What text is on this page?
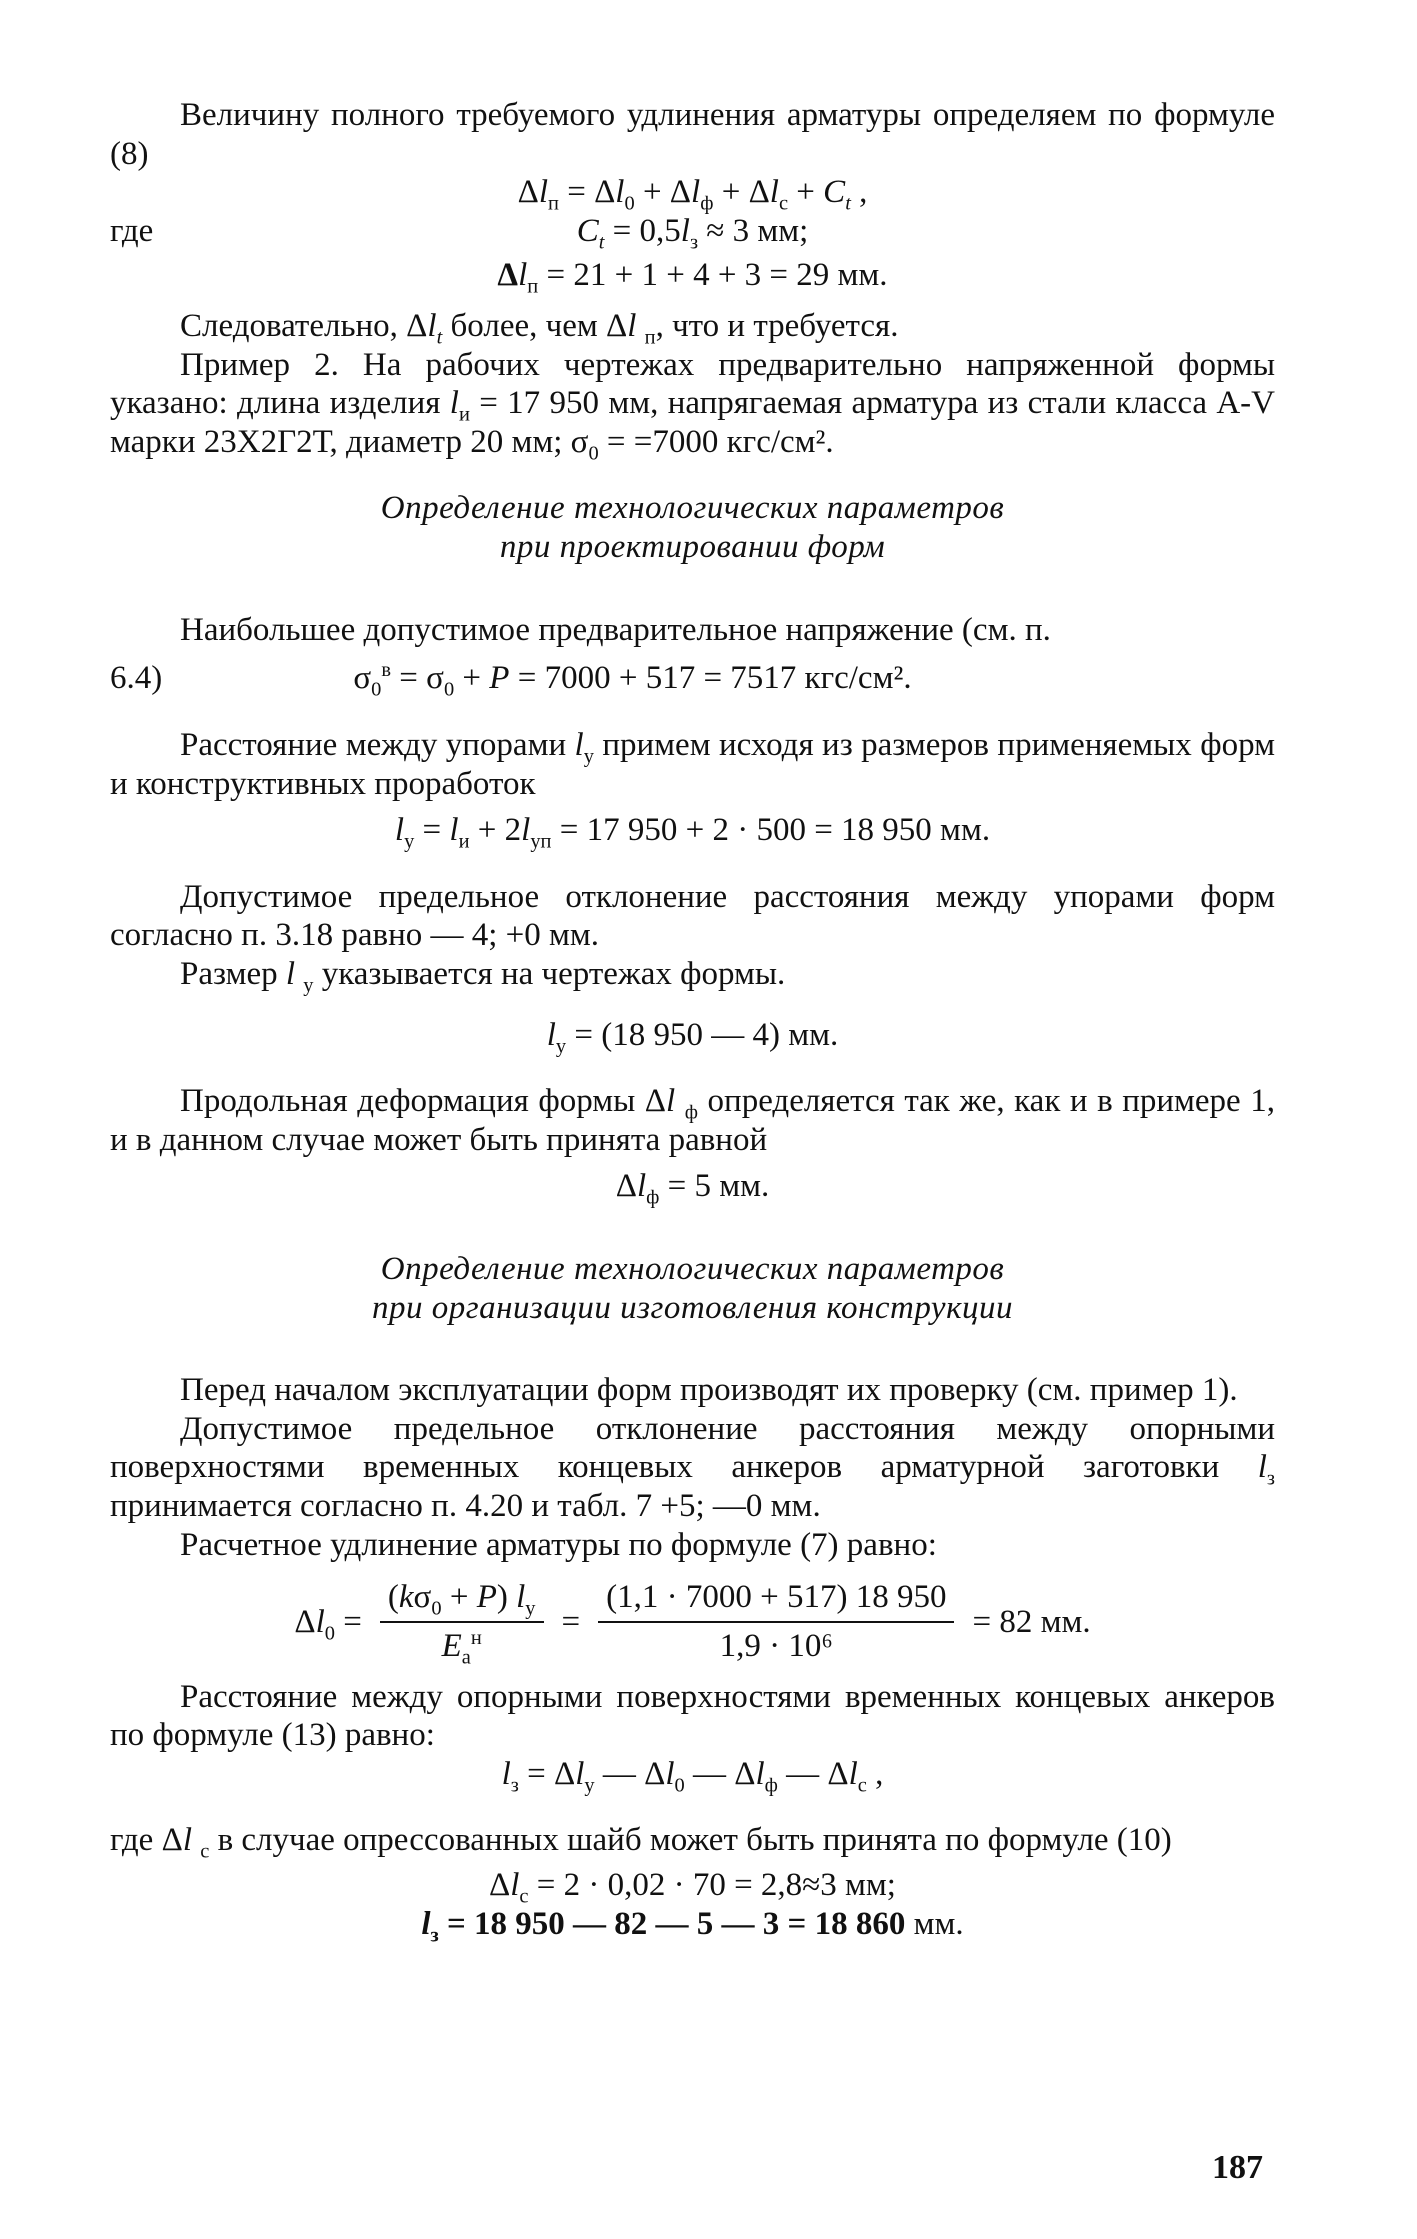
Величину полного требуемого удлинения арматуры определяем по формуле (8)

$\Delta l_п = \Delta l_0 + \Delta l_ф + \Delta l_с + C_t$ ,

где	$C_t = 0,5l_з \approx 3$ мм;

$\Delta l_п = 21 + 1 + 4 + 3 = 29$ мм.

Следовательно, $\Delta l_t$ более, чем Δl $_п$, что и требуется.

Пример 2. На рабочих чертежах предварительно напряженной формы указано: длина изделия $l_и = 17$ 950 мм, напрягаемая арматура из стали класса A-V марки 23Х2Г2Т, диаметр 20 мм; $\sigma_0 = =7000$ кгс/см².

Определение технологических параметров
при проектировании форм

Наибольшее допустимое предварительное напряжение (см. п.

6.4)	$\sigma_0^в = \sigma_0 + P = 7000 + 517 = 7517$ кгс/см².

Расстояние между упорами $l_у$ примем исходя из размеров применяемых форм и конструктивных проработок

$l_у = l_и + 2l_{уп} = 17$ 950 + 2 · 500 = 18 950 мм.

Допустимое предельное отклонение расстояния между упорами форм согласно п. 3.18 равно — 4; +0 мм.

Размер l $_у$ указывается на чертежах формы.

$l_у = (18$ 950 — 4) мм.

Продольная деформация формы Δl $_ф$ определяется так же, как и в примере 1, и в данном случае может быть принята равной

$\Delta l_ф = 5$ мм.

Определение технологических параметров
при организации изготовления конструкции

Перед началом эксплуатации форм производят их проверку (см. пример 1).

Допустимое предельное отклонение расстояния между опорными поверхностями временных концевых анкеров арматурной заготовки $l_з$ принимается согласно п. 4.20 и табл. 7 +5; —0 мм.

Расчетное удлинение арматуры по формуле (7) равно:

$\Delta l_0 = \frac{(k\sigma_0 + P) l_у}{E_а^н} = \frac{(1,1 \cdot 7000 + 517) 18 950}{\text{1,9 · 10⁶}} = 82$ мм.

Расстояние между опорными поверхностями временных концевых анкеров по формуле (13) равно:

$l_з = \Delta l_у$ — $\Delta l_0$ — $\Delta l_ф$ — $\Delta l_с$ ,

где Δl $_с$ в случае опрессованных шайб может быть принята по формуле (10)

$\Delta l_с = 2 \cdot 0,02 \cdot 70 = 2,8\approx 3$ мм;

$l_з = 18$ 950 — 82 — 5 — 3 = 18 860 мм.

187
